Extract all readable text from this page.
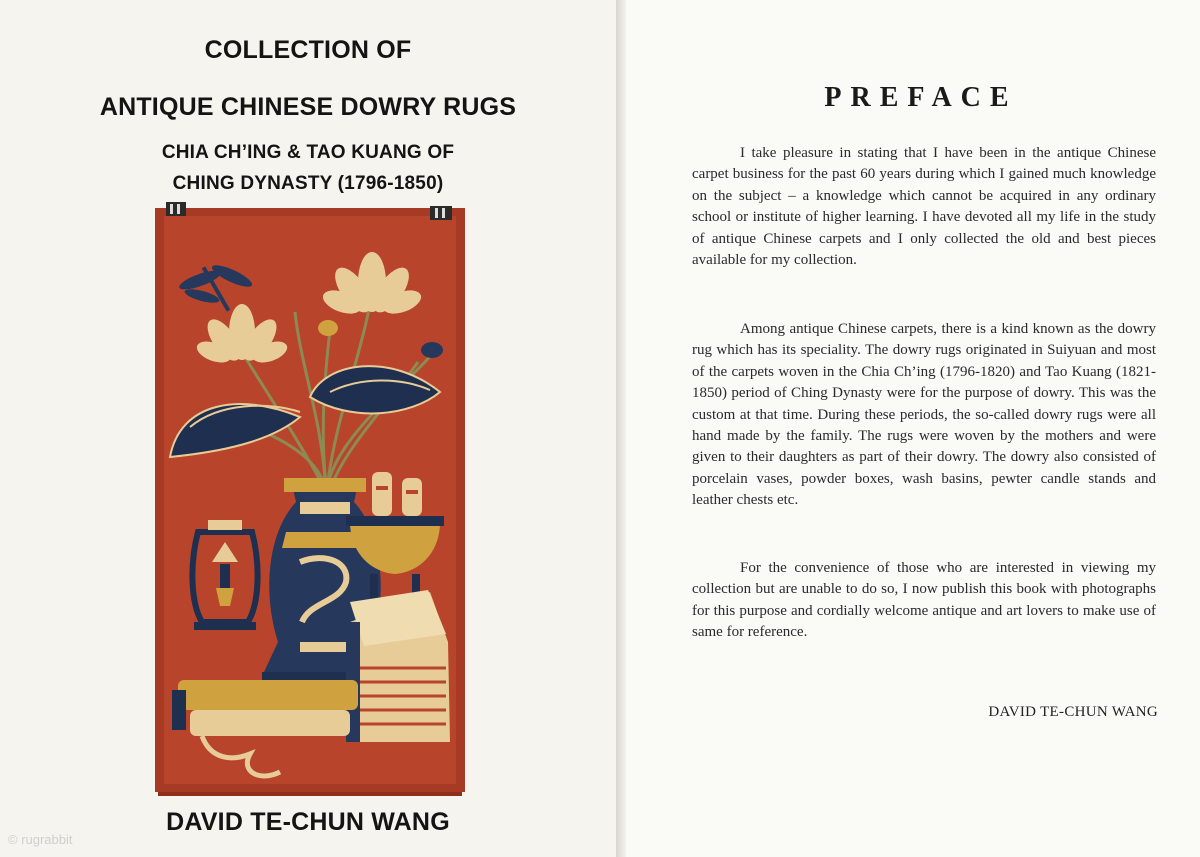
COLLECTION OF
ANTIQUE CHINESE DOWRY RUGS
CHIA CH’ING & TAO KUANG OF
CHING DYNASTY (1796-1850)
DAVID TE-CHUN WANG
© rugrabbit
PREFACE

I take pleasure in stating that I have been in the antique Chinese carpet business for the past 60 years during which I gained much knowledge on the subject – a knowledge which cannot be acquired in any ordinary school or institute of higher learning. I have devoted all my life in the study of antique Chinese carpets and I only collected the old and best pieces available for my collection.

Among antique Chinese carpets, there is a kind known as the dowry rug which has its speciality. The dowry rugs originated in Suiyuan and most of the carpets woven in the Chia Ch’ing (1796-1820) and Tao Kuang (1821-1850) period of Ching Dynasty were for the purpose of dowry. This was the custom at that time. During these periods, the so-called dowry rugs were all hand made by the family. The rugs were woven by the mothers and were given to their daughters as part of their dowry. The dowry also consisted of porcelain vases, powder boxes, wash basins, pewter candle stands and leather chests etc.

For the convenience of those who are interested in viewing my collection but are unable to do so, I now publish this book with photographs for this purpose and cordially welcome antique and art lovers to make use of same for reference.

DAVID TE-CHUN WANG
